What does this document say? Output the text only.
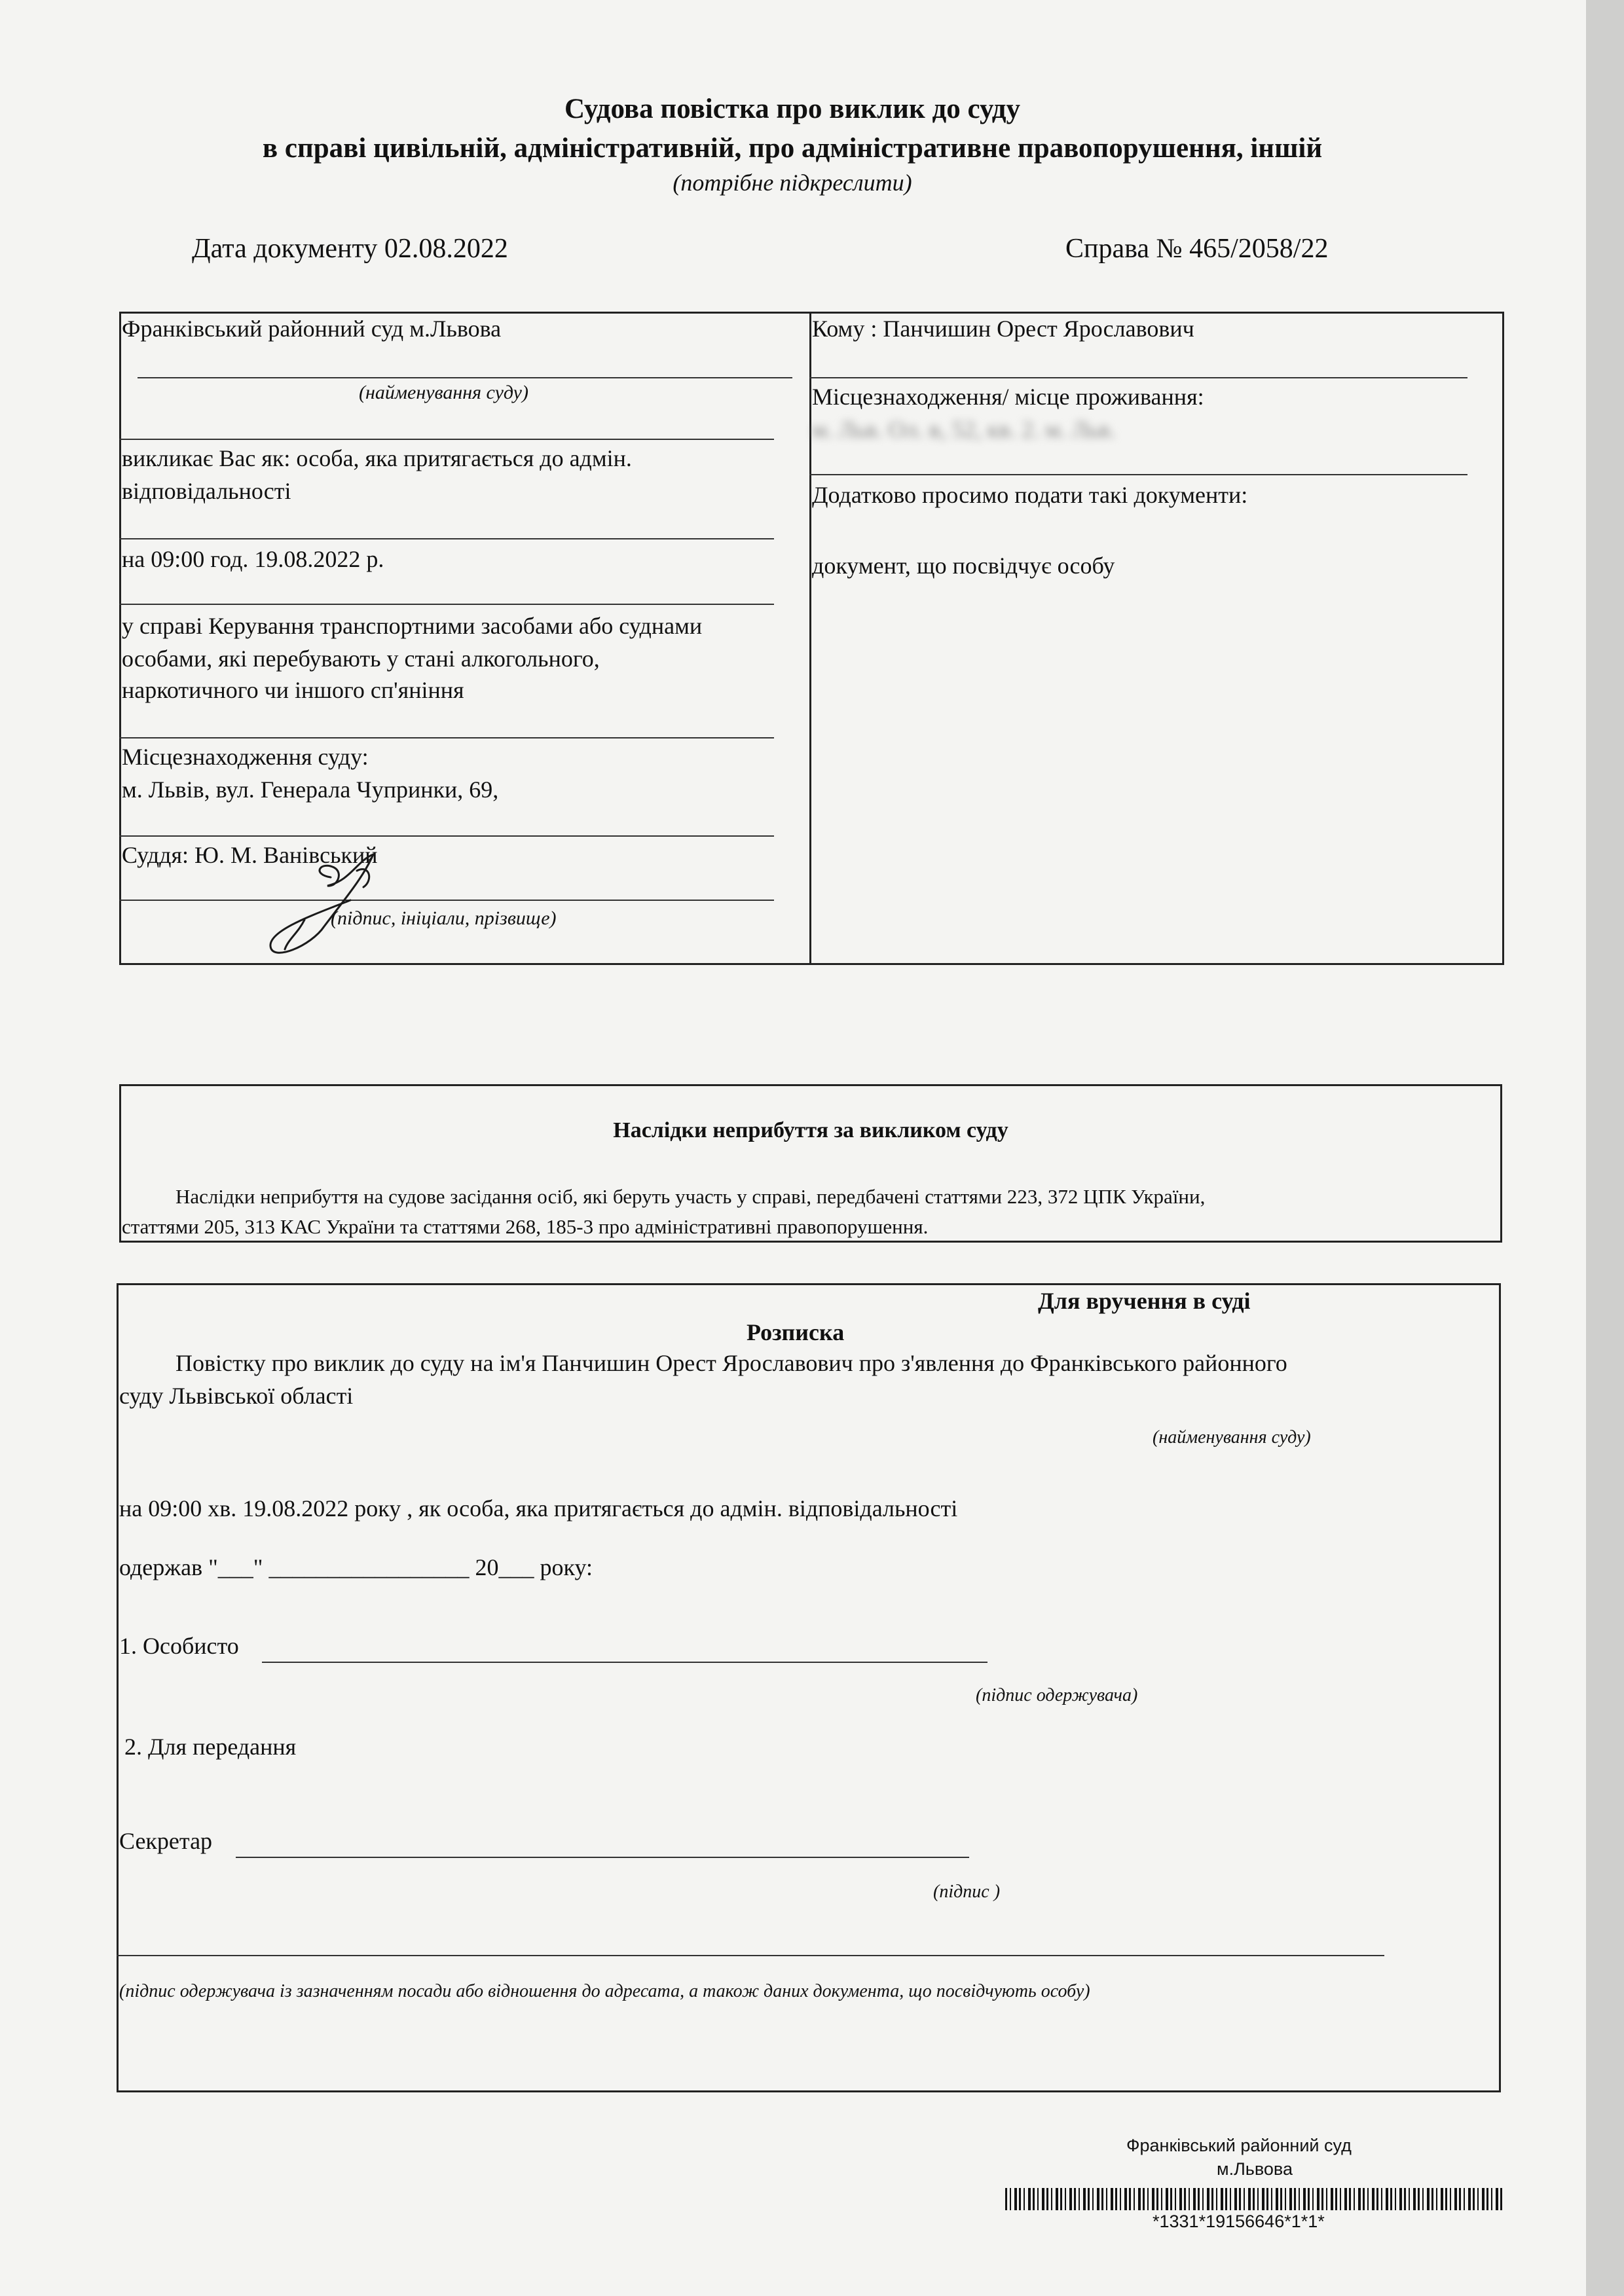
Судова повістка про виклик до суду
в справі цивільній, адміністративній, про адміністративне правопорушення, іншій
(потрібне підкреслити)
Дата документу 02.08.2022	Справа № 465/2058/22
Франківський районний суд м.Львова
(найменування суду)
викликає Вас як: особа, яка притягається до адмін.
відповідальності
на 09:00 год. 19.08.2022 р.
у справі Керування транспортними засобами або суднами
особами, які перебувають у стані алкогольного,
наркотичного чи іншого сп'яніння
Місцезнаходження суду:
м. Львів, вул. Генерала Чупринки, 69,
Суддя: Ю. М. Ванівський
(підпис, ініціали, прізвище)
Кому : Панчишин Орест Ярославович
Місцезнаходження/ місце проживання:
м. Льв. Ол. в, 52, кв. 2. м. Льв.
Додатково просимо подати такі документи:
документ, що посвідчує особу
Наслідки неприбуття за викликом суду
Наслідки неприбуття на судове засідання осіб, які беруть участь у справі, передбачені статтями 223, 372 ЦПК України,
статтями 205, 313 КАС України та статтями 268, 185-3 про адміністративні правопорушення.
Для вручення в суді
Розписка
Повістку про виклик до суду на ім'я Панчишин Орест Ярославович про з'явлення до Франківського районного
суду Львівської області
(найменування суду)
на 09:00 хв. 19.08.2022 року , як особа, яка притягається до адмін. відповідальності
одержав "___" _________________ 20___ року:
1. Особисто
(підпис одержувача)
2. Для передання
Секретар
(підпис )
(підпис одержувача із зазначенням посади або відношення до адресата, а також даних документа, що посвідчують особу)
Франківський районний суд
м.Львова
*1331*19156646*1*1*
